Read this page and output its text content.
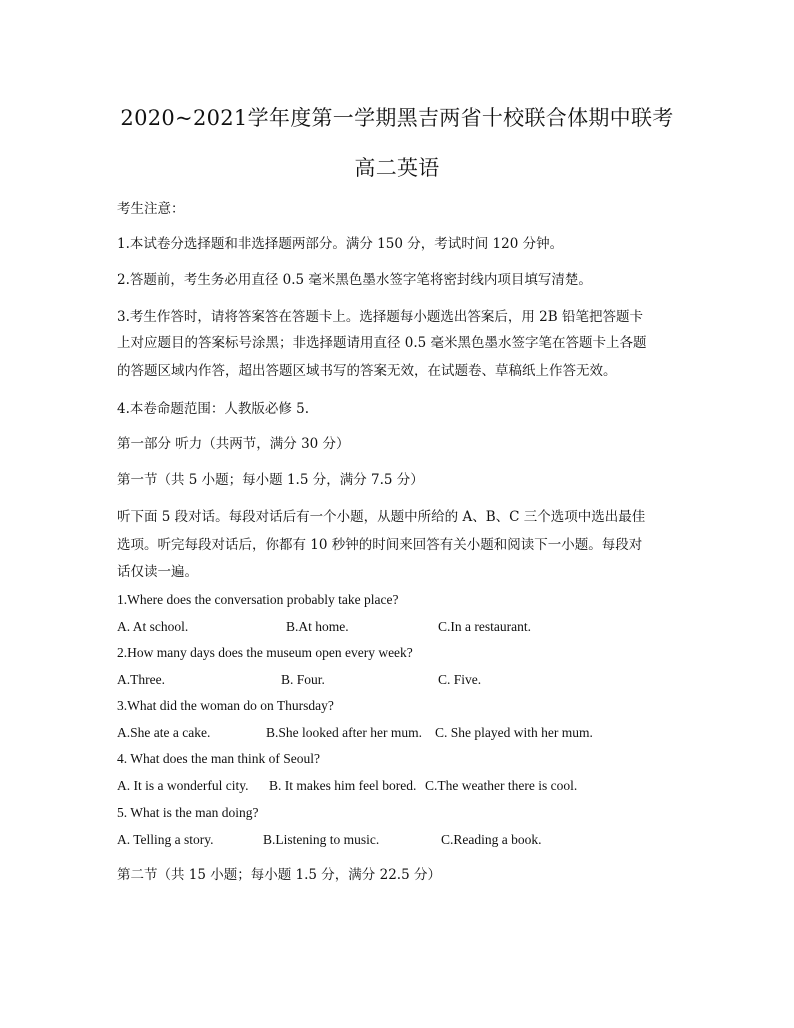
2020~2021学年度第一学期黑吉两省十校联合体期中联考
高二英语
考生注意：
1.本试卷分选择题和非选择题两部分。满分 150 分，考试时间 120 分钟。
2.答题前，考生务必用直径 0.5 毫米黑色墨水签字笔将密封线内项目填写清楚。
3.考生作答时，请将答案答在答题卡上。选择题每小题选出答案后，用 2B 铅笔把答题卡
上对应题目的答案标号涂黑；非选择题请用直径 0.5 毫米黑色墨水签字笔在答题卡上各题
的答题区域内作答，超出答题区域书写的答案无效，在试题卷、草稿纸上作答无效。
4.本卷命题范围：人教版必修 5.
第一部分 听力（共两节，满分 30 分）
第一节（共 5 小题；每小题 1.5 分，满分 7.5 分）
听下面 5 段对话。每段对话后有一个小题，从题中所给的 A、B、C 三个选项中选出最佳
选项。听完每段对话后，你都有 10 秒钟的时间来回答有关小题和阅读下一小题。每段对
话仅读一遍。
1.Where does the conversation probably take place?
A. At school.	B.At home.	C.In a restaurant.
2.How many days does the museum open every week?
A.Three.	B. Four.	C. Five.
3.What did the woman do on Thursday?
A.She ate a cake.	B.She looked after her mum. C. She played with her mum.
4. What does the man think of Seoul?
A. It is a wonderful city. B. It makes him feel bored. C.The weather there is cool.
5. What is the man doing?
A. Telling a story.	B.Listening to music.	C.Reading a book.
第二节（共 15 小题；每小题 1.5 分，满分 22.5 分）
